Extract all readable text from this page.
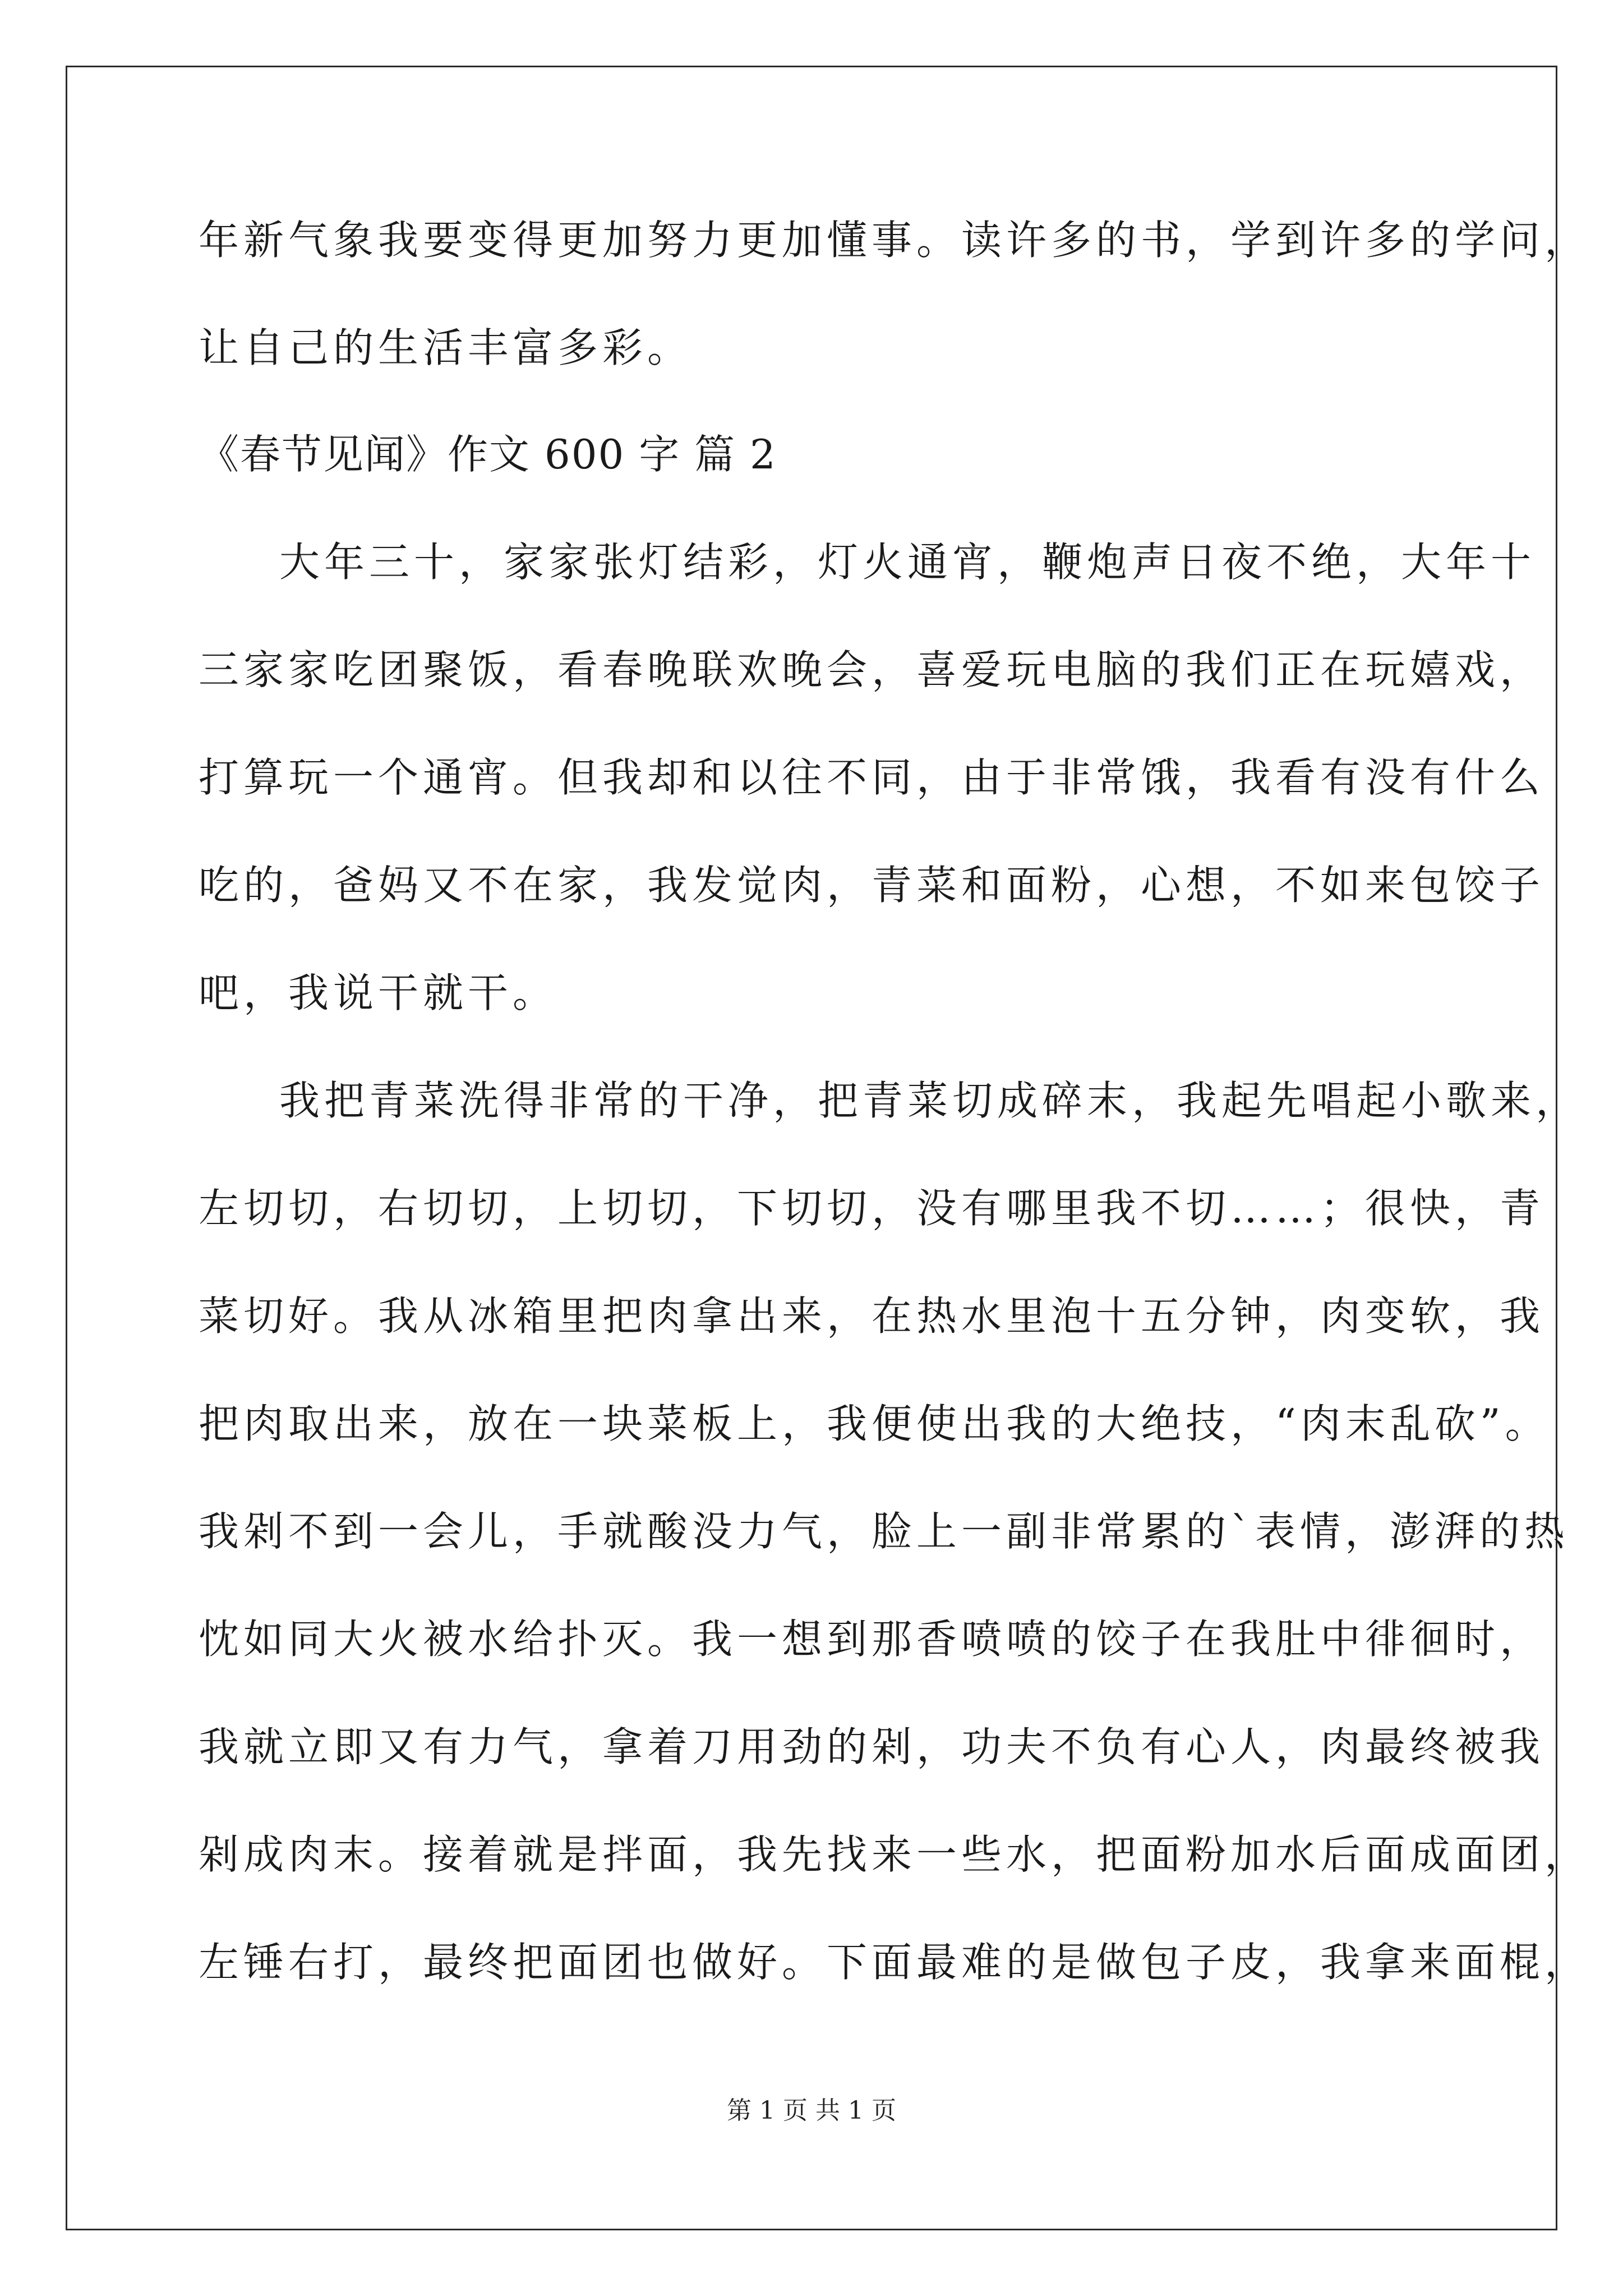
年新气象我要变得更加努力更加懂事。读许多的书，学到许多的学问，
让自己的生活丰富多彩。
《春节见闻》作文 600 字 篇 2
大年三十，家家张灯结彩，灯火通宵，鞭炮声日夜不绝，大年十
三家家吃团聚饭，看春晚联欢晚会，喜爱玩电脑的我们正在玩嬉戏，
打算玩一个通宵。但我却和以往不同，由于非常饿，我看有没有什么
吃的，爸妈又不在家，我发觉肉，青菜和面粉，心想，不如来包饺子
吧，我说干就干。
我把青菜洗得非常的干净，把青菜切成碎末，我起先唱起小歌来，
左切切，右切切，上切切，下切切，没有哪里我不切……；很快，青
菜切好。我从冰箱里把肉拿出来，在热水里泡十五分钟，肉变软，我
把肉取出来，放在一块菜板上，我便使出我的大绝技，“肉末乱砍”。
我剁不到一会儿，手就酸没力气，脸上一副非常累的`表情，澎湃的热
忱如同大火被水给扑灭。我一想到那香喷喷的饺子在我肚中徘徊时，
我就立即又有力气，拿着刀用劲的剁，功夫不负有心人，肉最终被我
剁成肉末。接着就是拌面，我先找来一些水，把面粉加水后面成面团，
左锤右打，最终把面团也做好。下面最难的是做包子皮，我拿来面棍，
第 1 页 共 1 页
